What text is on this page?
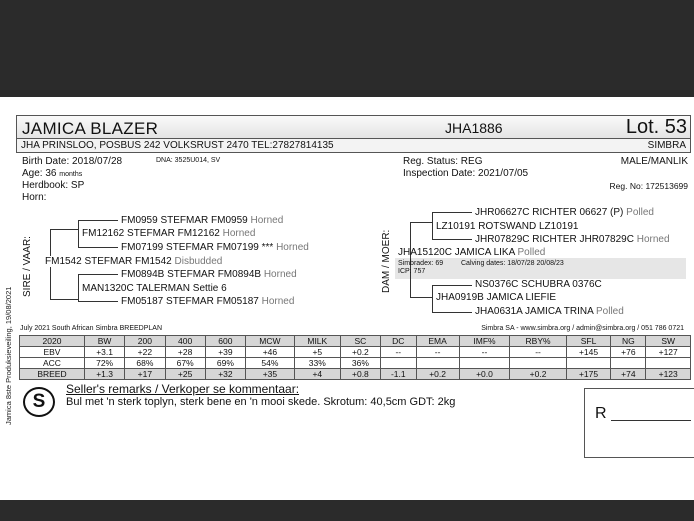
Jamica 8ste Produksieveiling, 19/08/2021
JAMICA BLAZER	JHA1886	Lot. 53
JHA PRINSLOO, POSBUS 242 VOLKSRUST 2470 TEL:27827814135	SIMBRA
Birth Date: 2018/07/28	DNA: 3525U014, SV
Age: 36 months
Herdbook: SP
Horn:
Reg. Status: REG
Inspection Date: 2021/07/05
MALE/MANLIK
Reg. No: 172513699
SIRE / VAAR:
FM0959 STEFMAR FM0959 Horned
FM12162 STEFMAR FM12162 Horned
FM07199 STEFMAR FM07199 *** Horned
FM1542 STEFMAR FM1542 Disbudded
FM0894B STEFMAR FM0894B Horned
MAN1320C TALERMAN Settie 6
FM05187 STEFMAR FM05187 Horned
DAM / MOER:
JHR06627C RICHTER 06627 (P) Polled
LZ10191 ROTSWAND LZ10191
JHR07829C RICHTER JHR07829C Horned
JHA15120C JAMICA LIKA Polled
Simbradex: 69	Calving dates: 18/07/28 20/08/23
ICP: 757
NS0376C SCHUBRA 0376C
JHA0919B JAMICA LIEFIE
JHA0631A JAMICA TRINA Polled
July 2021 South African Simbra BREEDPLAN	Simbra SA - www.simbra.org / admin@simbra.org / 051 786 0721
2020	BW	200	400	600	MCW	MILK	SC	DC	EMA	IMF%	RBY%	SFL	NG	SW
EBV	+3.1	+22	+28	+39	+46	+5	+0.2	--	--	--	--	+145	+76	+127
ACC	72%	68%	67%	69%	54%	33%	36%							
BREED	+1.3	+17	+25	+32	+35	+4	+0.8	-1.1	+0.2	+0.0	+0.2	+175	+74	+123
S
Seller's remarks / Verkoper se kommentaar:
Bul met 'n sterk toplyn, sterk bene en 'n mooi skede. Skrotum: 40,5cm GDT: 2kg
R
